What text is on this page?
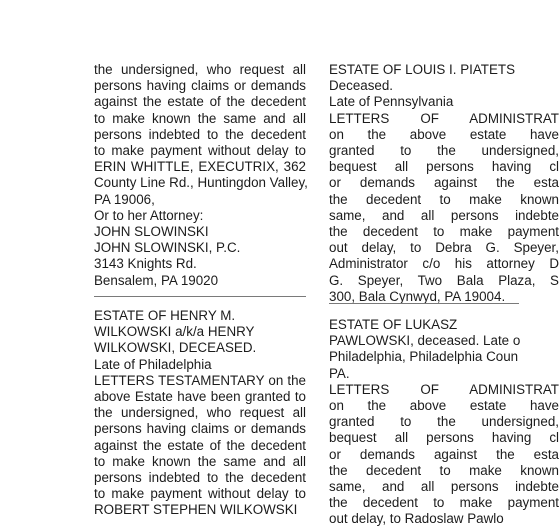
the undersigned, who request all
persons having claims or demands
against the estate of the decedent
to make known the same and all
persons indebted to the decedent
to make payment without delay to
ERIN WHITTLE, EXECUTRIX, 362
County Line Rd., Huntingdon Valley,
PA 19006,
Or to her Attorney:
JOHN SLOWINSKI
JOHN SLOWINSKI, P.C.
3143 Knights Rd.
Bensalem, PA 19020
ESTATE OF HENRY M.
WILKOWSKI a/k/a HENRY
WILKOWSKI, DECEASED.
Late of Philadelphia
LETTERS TESTAMENTARY on the
above Estate have been granted to
the undersigned, who request all
persons having claims or demands
against the estate of the decedent
to make known the same and all
persons indebted to the decedent
to make payment without delay to
ROBERT STEPHEN WILKOWSKI
ESTATE OF LOUIS I. PIATETS
Deceased.
Late of Pennsylvania
LETTERS OF ADMINISTRAT
on the above estate have
granted to the undersigned,
bequest all persons having cl
or demands against the esta
the decedent to make known
same, and all persons indebte
the decedent to make payment
out delay, to Debra G. Speyer,
Administrator c/o his attorney D
G. Speyer, Two Bala Plaza, S
300, Bala Cynwyd, PA 19004.
ESTATE OF LUKASZ
PAWLOWSKI, deceased. Late o
Philadelphia, Philadelphia Coun
PA.
LETTERS OF ADMINISTRAT
on the above estate have
granted to the undersigned,
bequest all persons having cl
or demands against the esta
the decedent to make known
same, and all persons indebte
the decedent to make payment
out delay, to Radoslaw Pawlo
